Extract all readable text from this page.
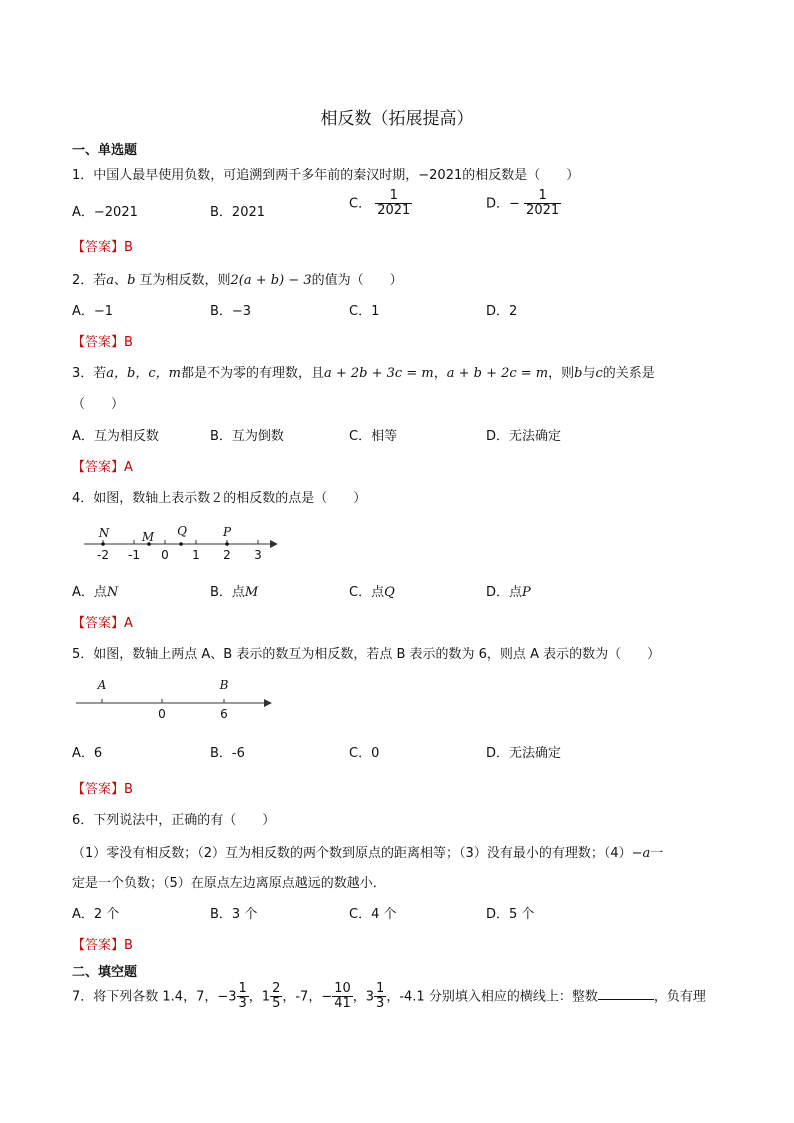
相反数（拓展提高）
一、单选题
1．中国人最早使用负数，可追溯到两千多年前的秦汉时期，−2021的相反数是（　　）
A．−2021	B．2021
C． $\frac{1}{2021}$	D．− $\frac{1}{2021}$
【答案】B
2．若a、b 互为相反数，则2(a + b) − 3的值为（　　）
A．−1	B．−3	C．1	D．2
【答案】B
3．若a，b，c，m都是不为零的有理数，且a + 2b + 3c = m，a + b + 2c = m，则b与c的关系是
（　　）
A．互为相反数	B．互为倒数	C．相等	D．无法确定
【答案】A
4．如图，数轴上表示数２的相反数的点是（　　）
-2 -1 0 1 2 3
N	M Q	P
A．点N	B．点M	C．点Q	D．点P
【答案】A
5．如图，数轴上两点 A、B 表示的数互为相反数，若点 B 表示的数为 6，则点 A 表示的数为（　　）
A	B
0	6
A．6	B．-6	C．0	D．无法确定
【答案】B
6．下列说法中，正确的有（　　）
（1）零没有相反数；（2）互为相反数的两个数到原点的距离相等；（3）没有最小的有理数；（4）−a一
定是一个负数；（5）在原点左边离原点越远的数越小．
A．2 个	B．3 个	C．4 个	D．5 个
【答案】B
二、填空题
7．将下列各数 1.4，7，$-3 \frac{1}{3}$ ，$1 \frac{2}{5}$ ，-7，− $\frac{10}{41}$ ，$3 \frac{1}{3}$ ，-4.1 分别填入相应的横线上：整数	，负有理
